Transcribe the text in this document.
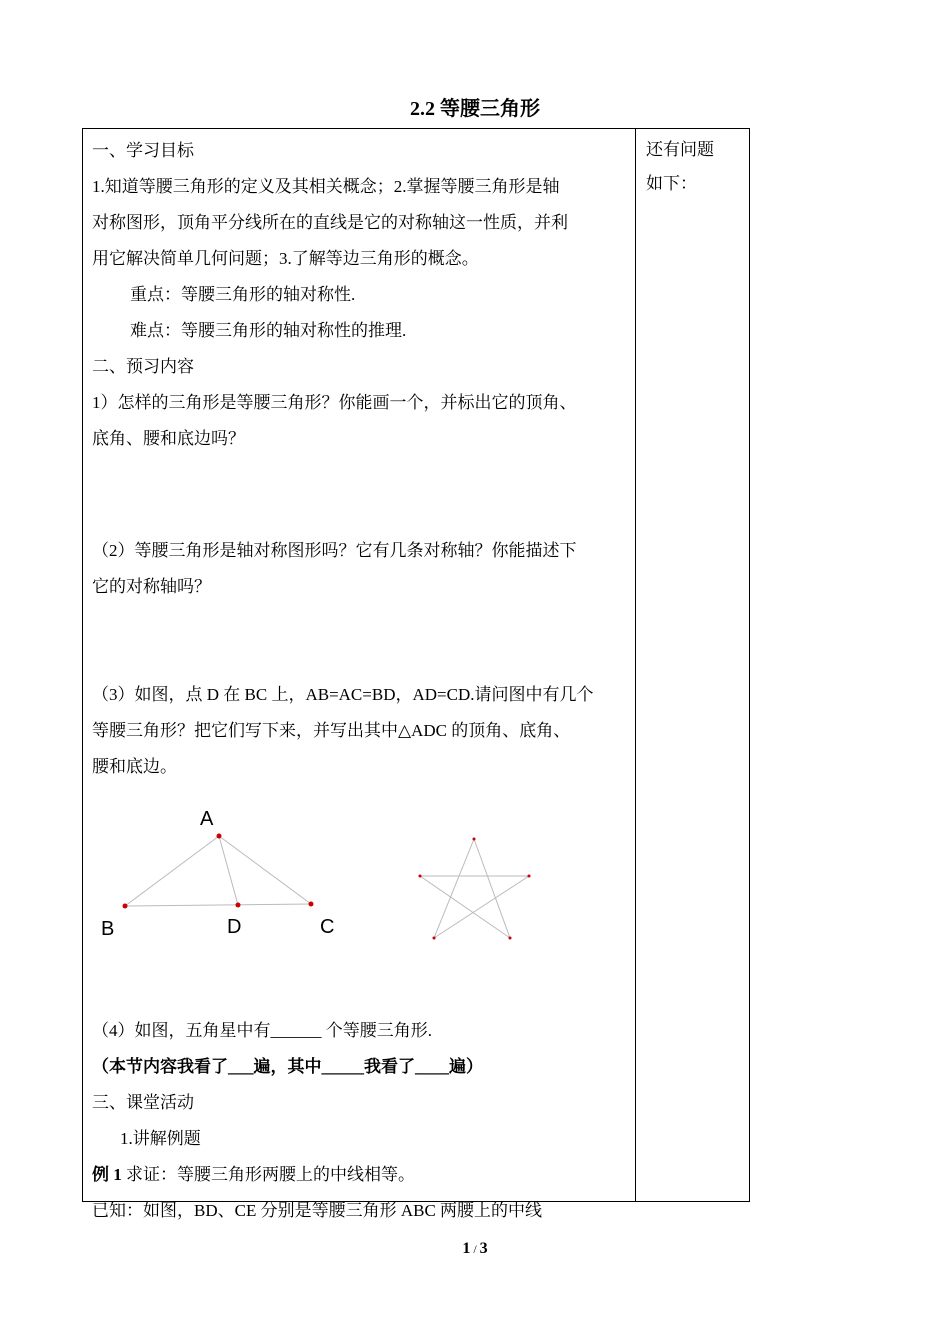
2.2 等腰三角形
还有问题
如下：

一、学习目标

1.知道等腰三角形的定义及其相关概念；2.掌握等腰三角形是轴

对称图形，顶角平分线所在的直线是它的对称轴这一性质，并利

用它解决简单几何问题；3.了解等边三角形的概念。

重点：等腰三角形的轴对称性.

难点：等腰三角形的轴对称性的推理.

二、预习内容

1）怎样的三角形是等腰三角形？你能画一个，并标出它的顶角、

底角、腰和底边吗？

（2）等腰三角形是轴对称图形吗？它有几条对称轴？你能描述下

它的对称轴吗？

（3）如图，点 D 在 BC 上，AB=AC=BD，AD=CD.请问图中有几个

等腰三角形？把它们写下来，并写出其中△ADC 的顶角、底角、

腰和底边。

A
B	D	C

（4）如图，五角星中有______ 个等腰三角形.

（本节内容我看了___遍，其中_____我看了____遍）

三、课堂活动

1.讲解例题

例 1 求证：等腰三角形两腰上的中线相等。

已知：如图，BD、CE 分别是等腰三角形 ABC 两腰上的中线

1 / 3
